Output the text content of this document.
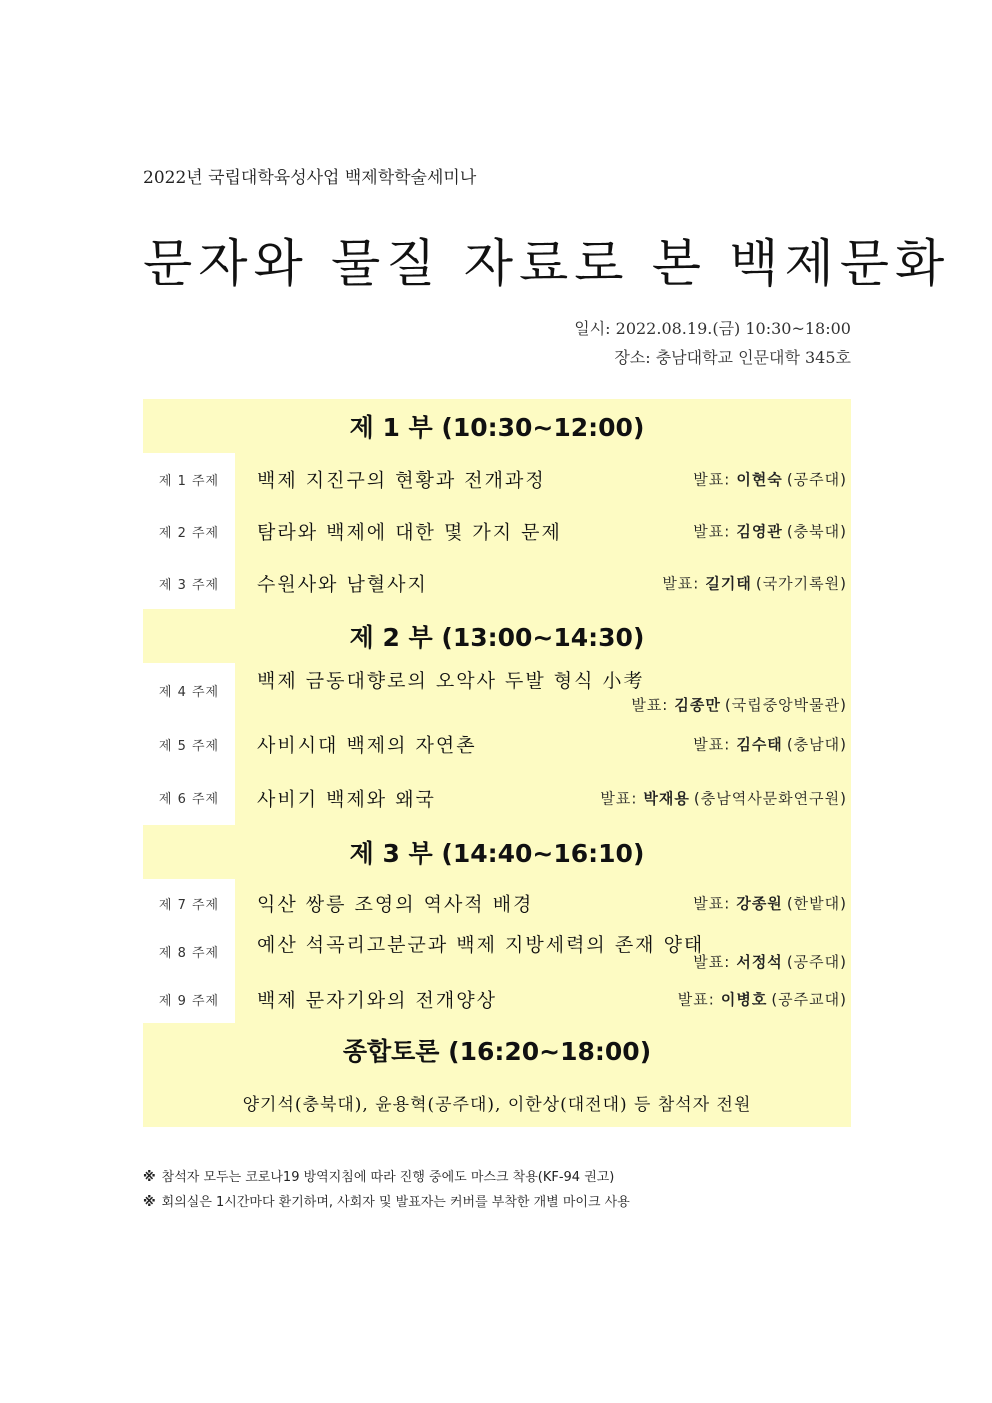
2022년 국립대학육성사업 백제학학술세미나
문자와 물질 자료로 본 백제문화
일시: 2022.08.19.(금) 10:30~18:00
장소: 충남대학교 인문대학 345호
제 1 부 (10:30~12:00)	
제 1 주제	백제 지진구의 현황과 전개과정 발표: 이현숙 (공주대)

제 2 주제	탐라와 백제에 대한 몇 가지 문제 발표: 김영관 (충북대)

제 3 주제	수원사와 남혈사지 발표: 길기태 (국가기록원)

제 2 부 (13:00~14:30)	
제 4 주제	백제 금동대향로의 오악사 두발 형식 小考
발표: 김종만 (국립중앙박물관)

제 5 주제	사비시대 백제의 자연촌 발표: 김수태 (충남대)

제 6 주제	사비기 백제와 왜국 발표: 박재용 (충남역사문화연구원)

제 3 부 (14:40~16:10)	
제 7 주제	익산 쌍릉 조영의 역사적 배경 발표: 강종원 (한밭대)

제 8 주제	예산 석곡리고분군과 백제 지방세력의 존재 양태
발표: 서정석 (공주대)

제 9 주제	백제 문자기와의 전개양상 발표: 이병호 (공주교대)

종합토론 (16:20~18:00)	
양기석(충북대), 윤용혁(공주대), 이한상(대전대) 등 참석자 전원	
※ 참석자 모두는 코로나19 방역지침에 따라 진행 중에도 마스크 착용(KF-94 권고)
※ 회의실은 1시간마다 환기하며, 사회자 및 발표자는 커버를 부착한 개별 마이크 사용
